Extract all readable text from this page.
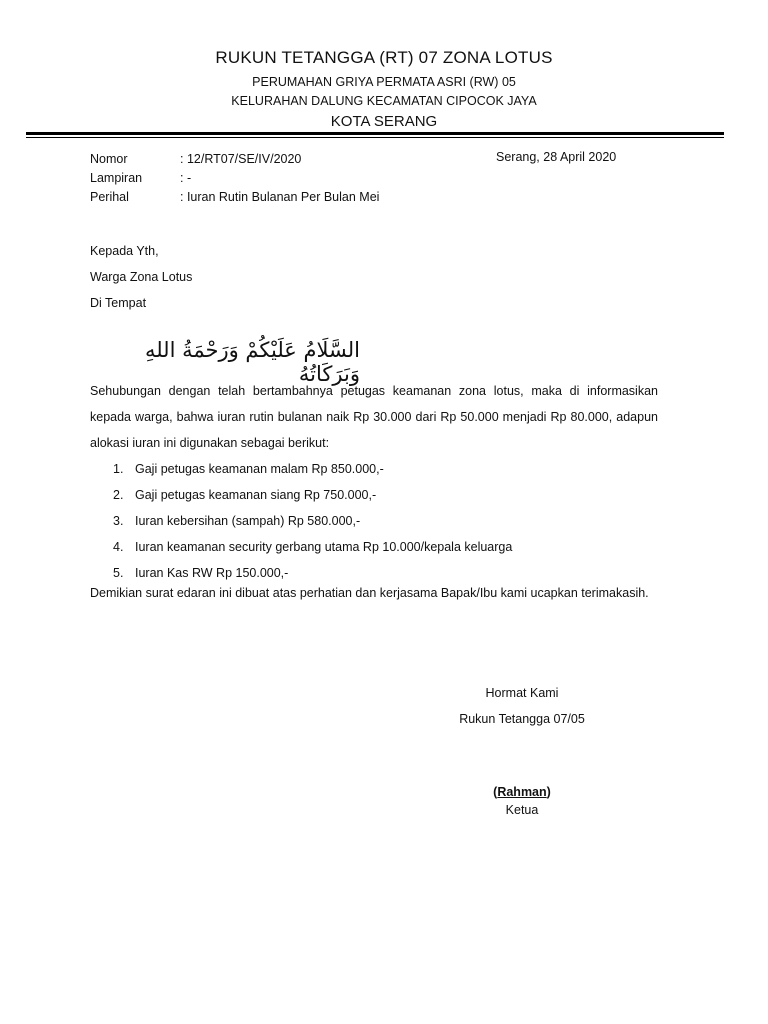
RUKUN TETANGGA (RT) 07 ZONA LOTUS
PERUMAHAN GRIYA PERMATA ASRI (RW) 05
KELURAHAN DALUNG KECAMATAN CIPOCOK JAYA
KOTA SERANG
Nomor	: 12/RT07/SE/IV/2020
Lampiran	: -
Perihal	: Iuran Rutin Bulanan Per Bulan Mei
Serang, 28 April 2020
Kepada Yth,
Warga Zona Lotus
Di Tempat
السَّلَامُ عَلَيْكُمْ وَرَحْمَةُ اللهِ وَبَرَكَاتُهُ
Sehubungan dengan telah bertambahnya petugas keamanan zona lotus, maka di informasikan kepada warga, bahwa iuran rutin bulanan naik Rp 30.000 dari Rp 50.000 menjadi Rp 80.000, adapun alokasi iuran ini digunakan sebagai berikut:
1. Gaji petugas keamanan malam Rp 850.000,-
2. Gaji petugas keamanan siang Rp 750.000,-
3. Iuran kebersihan (sampah) Rp 580.000,-
4. Iuran keamanan security gerbang utama Rp 10.000/kepala keluarga
5. Iuran Kas RW Rp 150.000,-
Demikian surat edaran ini dibuat atas perhatian dan kerjasama Bapak/Ibu kami ucapkan terimakasih.
Hormat Kami
Rukun Tetangga 07/05
(Rahman)
Ketua
